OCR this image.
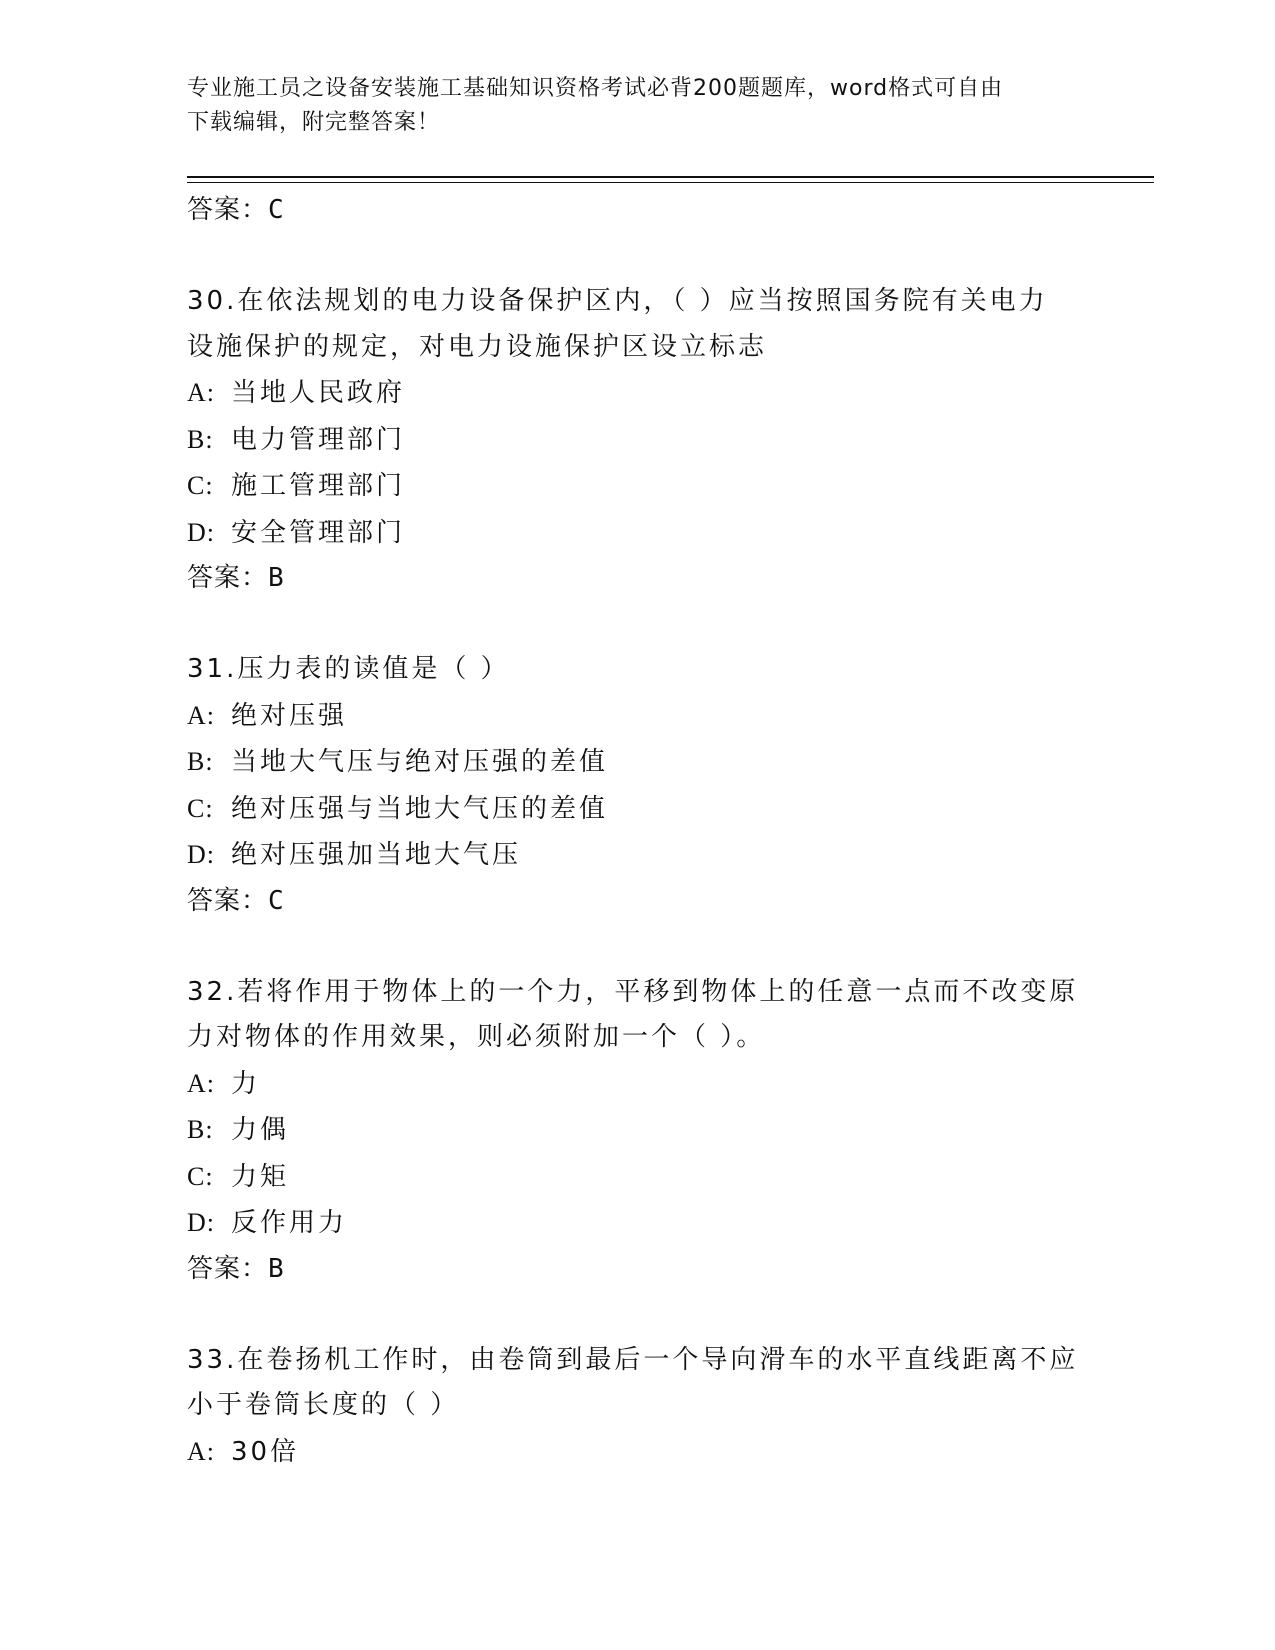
专业施工员之设备安装施工基础知识资格考试必背200题题库，word格式可自由
下载编辑，附完整答案！
答案：C
30.在依法规划的电力设备保护区内，（ ）应当按照国务院有关电力
设施保护的规定，对电力设施保护区设立标志
A: 当地人民政府
B: 电力管理部门
C: 施工管理部门
D: 安全管理部门
答案：B
31.压力表的读值是（ ）
A: 绝对压强
B: 当地大气压与绝对压强的差值
C: 绝对压强与当地大气压的差值
D: 绝对压强加当地大气压
答案：C
32.若将作用于物体上的一个力，平移到物体上的任意一点而不改变原
力对物体的作用效果，则必须附加一个（ ）。
A: 力
B: 力偶
C: 力矩
D: 反作用力
答案：B
33.在卷扬机工作时，由卷筒到最后一个导向滑车的水平直线距离不应
小于卷筒长度的（ ）
A: 30倍
